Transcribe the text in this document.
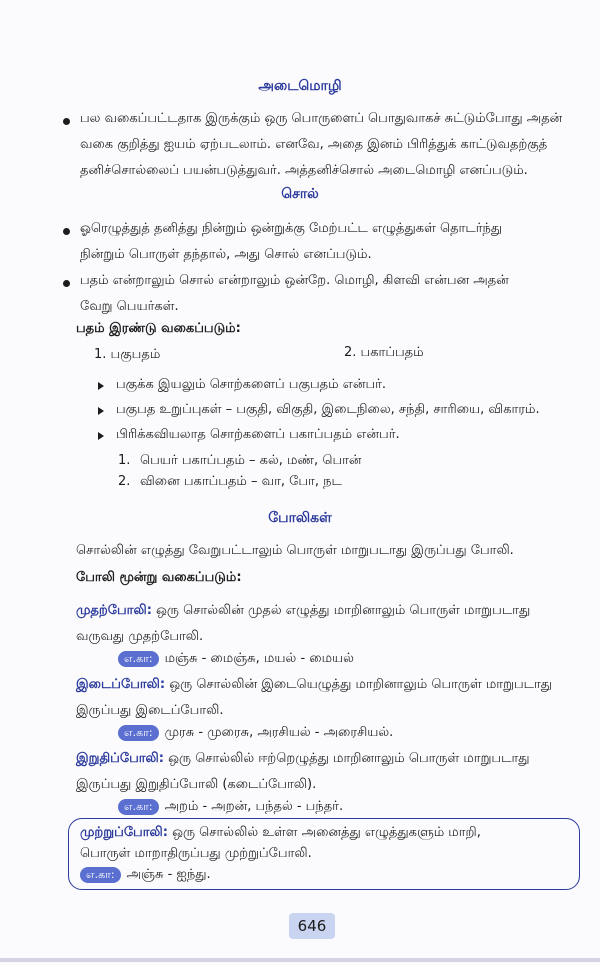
அடைமொழி
பல வகைப்பட்டதாக இருக்கும் ஒரு பொருளைப் பொதுவாகச் சுட்டும்போது அதன்
வகை குறித்து ஐயம் ஏற்படலாம். எனவே, அதை இனம் பிரித்துக் காட்டுவதற்குத்
தனிச்சொல்லைப் பயன்படுத்துவர். அத்தனிச்சொல் அடைமொழி எனப்படும்.
சொல்
ஓரெழுத்துத் தனித்து நின்றும் ஒன்றுக்கு மேற்பட்ட எழுத்துகள் தொடர்ந்து
நின்றும் பொருள் தந்தால், அது சொல் எனப்படும்.
பதம் என்றாலும் சொல் என்றாலும் ஒன்றே. மொழி, கிளவி என்பன அதன்
வேறு பெயர்கள்.
பதம் இரண்டு வகைப்படும்:
1. பகுபதம்	2. பகாப்பதம்
பகுக்க இயலும் சொற்களைப் பகுபதம் என்பர்.
பகுபத உறுப்புகள் – பகுதி, விகுதி, இடைநிலை, சந்தி, சாரியை, விகாரம்.
பிரிக்கவியலாத சொற்களைப் பகாப்பதம் என்பர்.
1. பெயர் பகாப்பதம் – கல், மண், பொன்
2. வினை பகாப்பதம் – வா, போ, நட
போலிகள்
சொல்லின் எழுத்து வேறுபட்டாலும் பொருள் மாறுபடாது இருப்பது போலி.
போலி மூன்று வகைப்படும்:
முதற்போலி: ஒரு சொல்லின் முதல் எழுத்து மாறினாலும் பொருள் மாறுபடாது
வருவது முதற்போலி.
எ.கா: மஞ்சு - மைஞ்சு, மயல் - மையல்
இடைப்போலி: ஒரு சொல்லின் இடையெழுத்து மாறினாலும் பொருள் மாறுபடாது
இருப்பது இடைப்போலி.
எ.கா: முரசு - முரைசு, அரசியல் - அரைசியல்.
இறுதிப்போலி: ஒரு சொல்லில் ஈற்றெழுத்து மாறினாலும் பொருள் மாறுபடாது
இருப்பது இறுதிப்போலி (கடைப்போலி).
எ.கா: அறம் - அறன், பந்தல் - பந்தர்.
முற்றுப்போலி: ஒரு சொல்லில் உள்ள அனைத்து எழுத்துகளும் மாறி,
பொருள் மாறாதிருப்பது முற்றுப்போலி.
எ.கா: அஞ்சு - ஐந்து.
646
